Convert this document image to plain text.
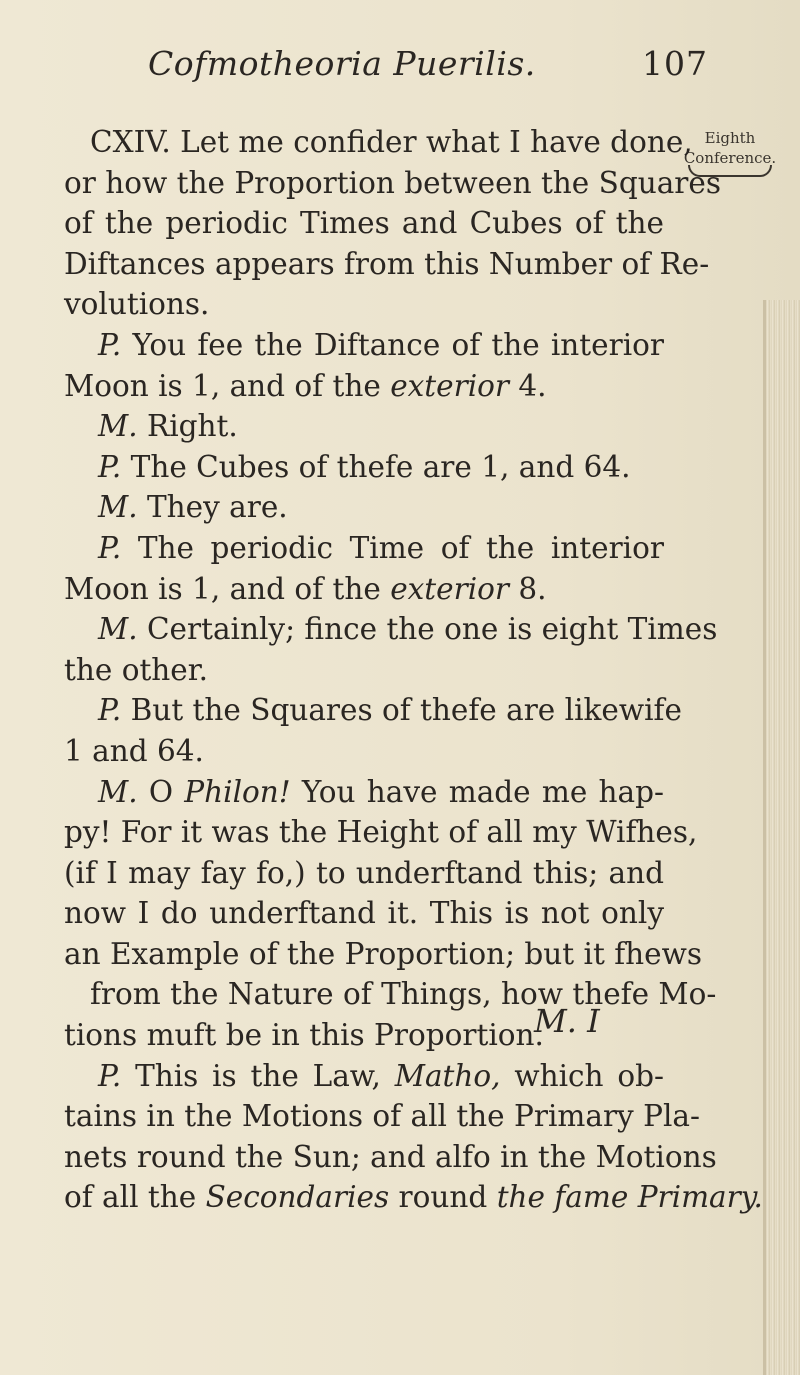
Cofmotheoria Puerilis.	107
Eighth
Conference.
CXIV. Let me confider what I have done,
or how the Proportion between the Squares
of the periodic Times and Cubes of the
Diftances appears from this Number of Re-
volutions.
P. You fee the Diftance of the interior
Moon is 1, and of the exterior 4.
M. Right.
P. The Cubes of thefe are 1, and 64.
M. They are.
P. The periodic Time of the interior
Moon is 1, and of the exterior 8.
M. Certainly; fince the one is eight Times
the other.
P. But the Squares of thefe are likewife
1 and 64.
M. O Philon! You have made me hap-
py! For it was the Height of all my Wifhes,
(if I may fay fo,) to underftand this; and
now I do underftand it. This is not only
an Example of the Proportion; but it fhews
from the Nature of Things, how thefe Mo-
tions muft be in this Proportion.
P. This is the Law, Matho, which ob-
tains in the Motions of all the Primary Pla-
nets round the Sun; and alfo in the Motions
of all the Secondaries round the fame Primary.
M. I
